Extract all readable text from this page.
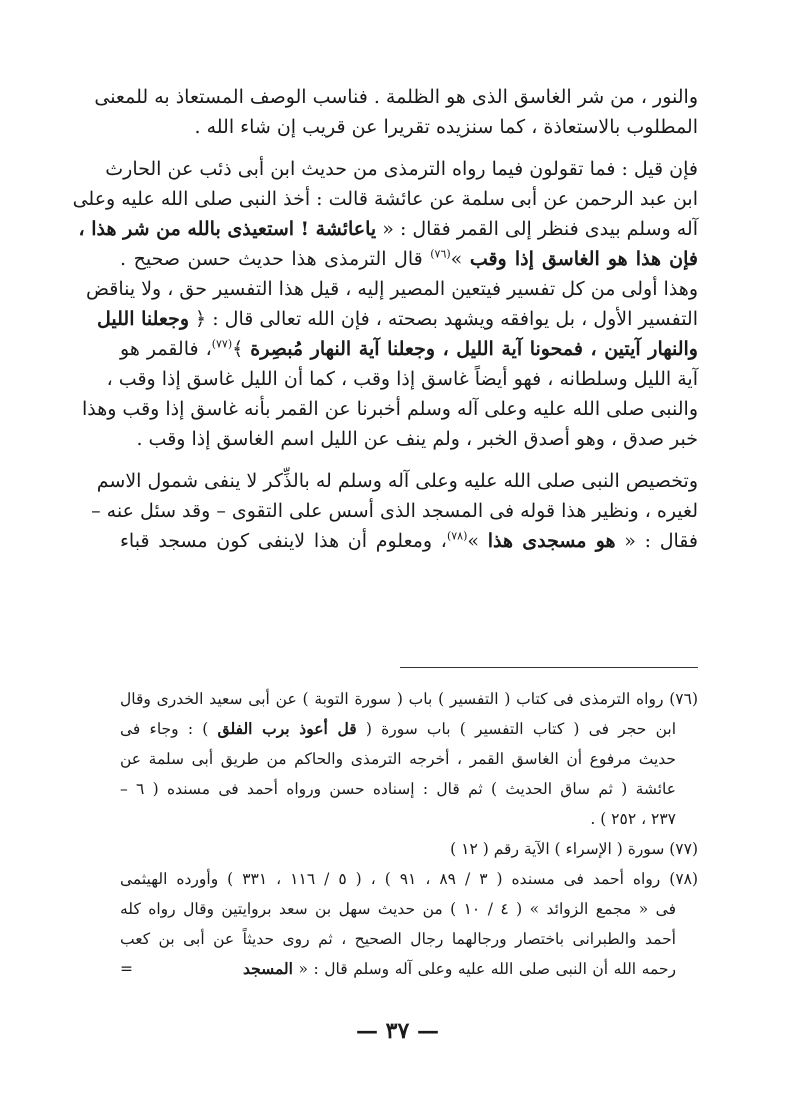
والنور ، من شر الغاسق الذى هو الظلمة . فناسب الوصف المستعاذ به للمعنى
المطلوب بالاستعاذة ، كما سنزيده تقريرا عن قريب إن شاء الله .
فإن قيل : فما تقولون فيما رواه الترمذى من حديث ابن أبى ذئب عن الحارث
ابن عبد الرحمن عن أبى سلمة عن عائشة قالت : أخذ النبى صلى الله عليه وعلى
آله وسلم بيدى فنظر إلى القمر فقال : « ياعائشة ! استعيذى بالله من شر هذا ،
فإن هذا هو الغاسق إذا وقب »$^{(٧٦)}$ قال الترمذى هذا حديث حسن صحيح .
وهذا أولى من كل تفسير فيتعين المصير إليه ، قيل هذا التفسير حق ، ولا يناقض
التفسير الأول ، بل يوافقه ويشهد بصحته ، فإن الله تعالى قال : ﴿ وجعلنا الليل
والنهار آيتين ، فمحونا آية الليل ، وجعلنا آية النهار مُبصِرة ﴾$^{(٧٧)}$، فالقمر هو
آية الليل وسلطانه ، فهو أيضاً غاسق إذا وقب ، كما أن الليل غاسق إذا وقب ،
والنبى صلى الله عليه وعلى آله وسلم أخبرنا عن القمر بأنه غاسق إذا وقب وهذا
خبر صدق ، وهو أصدق الخبر ، ولم ينف عن الليل اسم الغاسق إذا وقب .
وتخصيص النبى صلى الله عليه وعلى آله وسلم له بالذِّكر لا ينفى شمول الاسم
لغيره ، ونظير هذا قوله فى المسجد الذى أسس على التقوى – وقد سئل عنه –
فقال : « هو مسجدى هذا »$^{(٧٨)}$، ومعلوم أن هذا لاينفى كون مسجد قباء
(٧٦) رواه الترمذى فى كتاب ( التفسير ) باب ( سورة التوبة ) عن أبى سعيد الخدرى وقال
ابن حجر فى ( كتاب التفسير ) باب سورة ( قل أعوذ برب الفلق ) : وجاء فى
حديث مرفوع أن الغاسق القمر ، أخرجه الترمذى والحاكم من طريق أبى سلمة عن
عائشة ( ثم ساق الحديث ) ثم قال : إسناده حسن ورواه أحمد فى مسنده ( ٦ –
٢٣٧ ، ٢٥٢ ) .
(٧٧) سورة ( الإسراء ) الآية رقم ( ١٢ )
(٧٨) رواه أحمد فى مسنده ( ٣ / ٨٩ ، ٩١ ) ، ( ٥ / ١١٦ ، ٣٣١ ) وأورده الهيثمى
فى « مجمع الزوائد » ( ٤ / ١٠ ) من حديث سهل بن سعد بروايتين وقال رواه كله
أحمد والطبرانى باختصار ورجالهما رجال الصحيح ، ثم روى حديثاً عن أبى بن كعب
رحمه الله أن النبى صلى الله عليه وعلى آله وسلم قال : « المسجد=
— ٣٧ —
